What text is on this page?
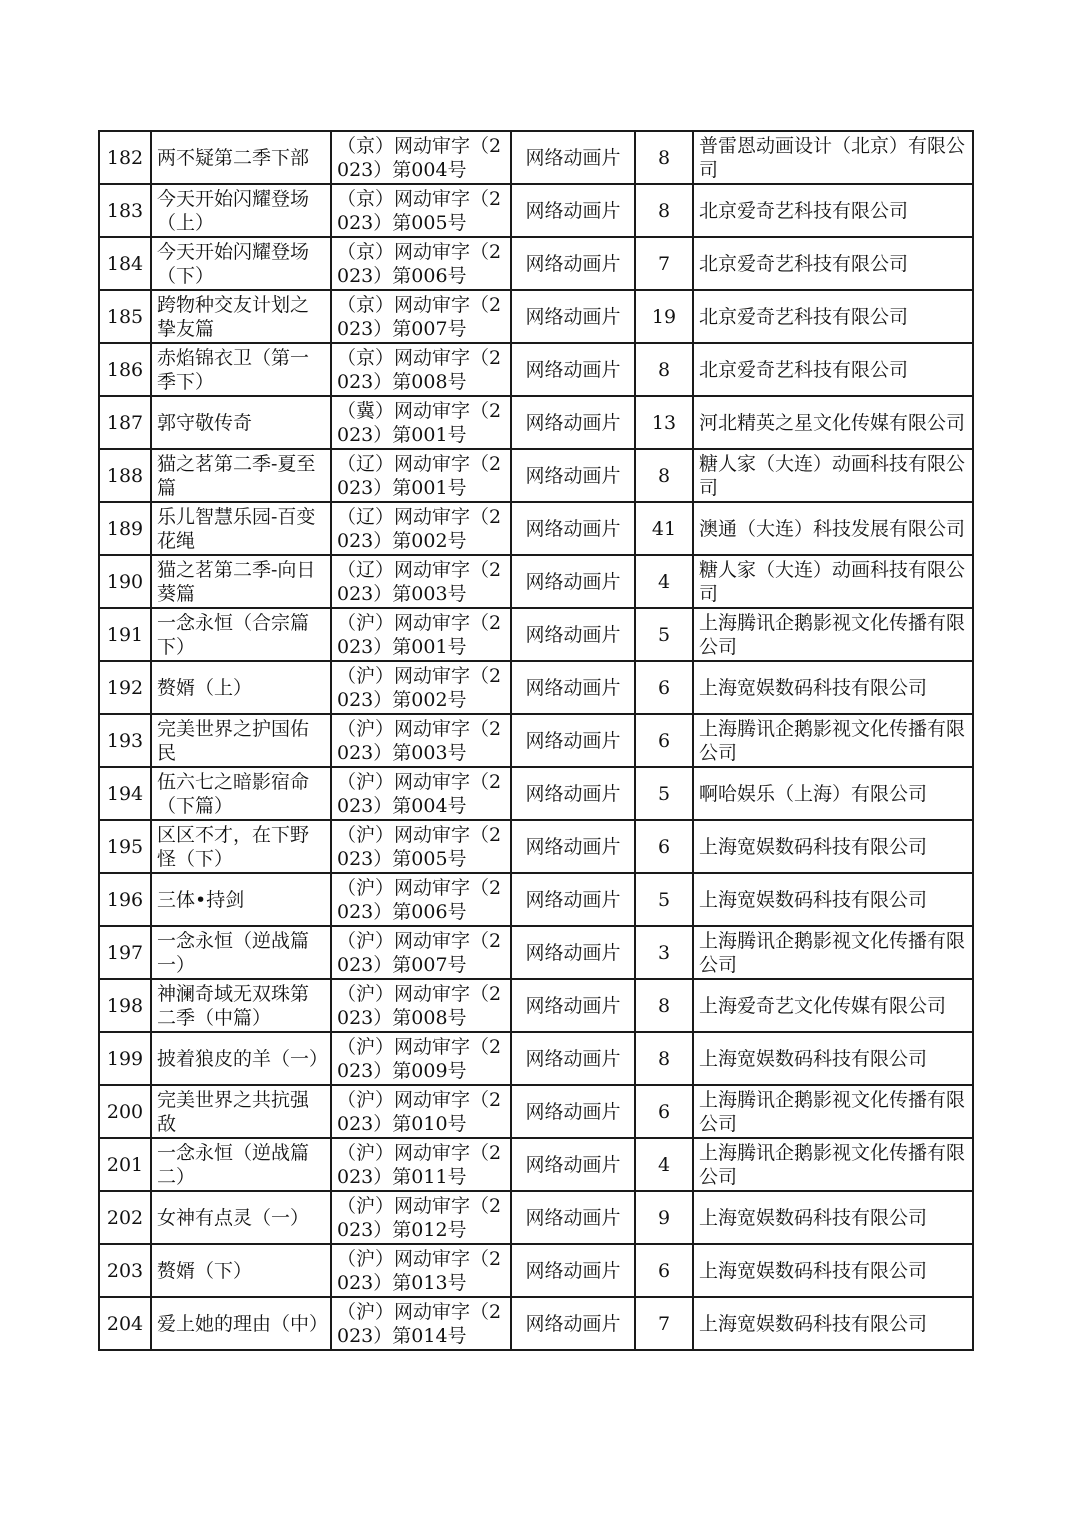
182	两不疑第二季下部	（京）网动审字（2023）第004号	网络动画片	8	普雷恩动画设计（北京）有限公司
183	今天开始闪耀登场（上）	（京）网动审字（2023）第005号	网络动画片	8	北京爱奇艺科技有限公司
184	今天开始闪耀登场（下）	（京）网动审字（2023）第006号	网络动画片	7	北京爱奇艺科技有限公司
185	跨物种交友计划之挚友篇	（京）网动审字（2023）第007号	网络动画片	19	北京爱奇艺科技有限公司
186	赤焰锦衣卫（第一季下）	（京）网动审字（2023）第008号	网络动画片	8	北京爱奇艺科技有限公司
187	郭守敬传奇	（冀）网动审字（2023）第001号	网络动画片	13	河北精英之星文化传媒有限公司
188	猫之茗第二季-夏至篇	（辽）网动审字（2023）第001号	网络动画片	8	糖人家（大连）动画科技有限公司
189	乐儿智慧乐园-百变花绳	（辽）网动审字（2023）第002号	网络动画片	41	澳通（大连）科技发展有限公司
190	猫之茗第二季-向日葵篇	（辽）网动审字（2023）第003号	网络动画片	4	糖人家（大连）动画科技有限公司
191	一念永恒（合宗篇下）	（沪）网动审字（2023）第001号	网络动画片	5	上海腾讯企鹅影视文化传播有限公司
192	赘婿（上）	（沪）网动审字（2023）第002号	网络动画片	6	上海宽娱数码科技有限公司
193	完美世界之护国佑民	（沪）网动审字（2023）第003号	网络动画片	6	上海腾讯企鹅影视文化传播有限公司
194	伍六七之暗影宿命（下篇）	（沪）网动审字（2023）第004号	网络动画片	5	啊哈娱乐（上海）有限公司
195	区区不才，在下野怪（下）	（沪）网动审字（2023）第005号	网络动画片	6	上海宽娱数码科技有限公司
196	三体•持剑	（沪）网动审字（2023）第006号	网络动画片	5	上海宽娱数码科技有限公司
197	一念永恒（逆战篇一）	（沪）网动审字（2023）第007号	网络动画片	3	上海腾讯企鹅影视文化传播有限公司
198	神澜奇域无双珠第二季（中篇）	（沪）网动审字（2023）第008号	网络动画片	8	上海爱奇艺文化传媒有限公司
199	披着狼皮的羊（一）	（沪）网动审字（2023）第009号	网络动画片	8	上海宽娱数码科技有限公司
200	完美世界之共抗强敌	（沪）网动审字（2023）第010号	网络动画片	6	上海腾讯企鹅影视文化传播有限公司
201	一念永恒（逆战篇二）	（沪）网动审字（2023）第011号	网络动画片	4	上海腾讯企鹅影视文化传播有限公司
202	女神有点灵（一）	（沪）网动审字（2023）第012号	网络动画片	9	上海宽娱数码科技有限公司
203	赘婿（下）	（沪）网动审字（2023）第013号	网络动画片	6	上海宽娱数码科技有限公司
204	爱上她的理由（中）	（沪）网动审字（2023）第014号	网络动画片	7	上海宽娱数码科技有限公司
